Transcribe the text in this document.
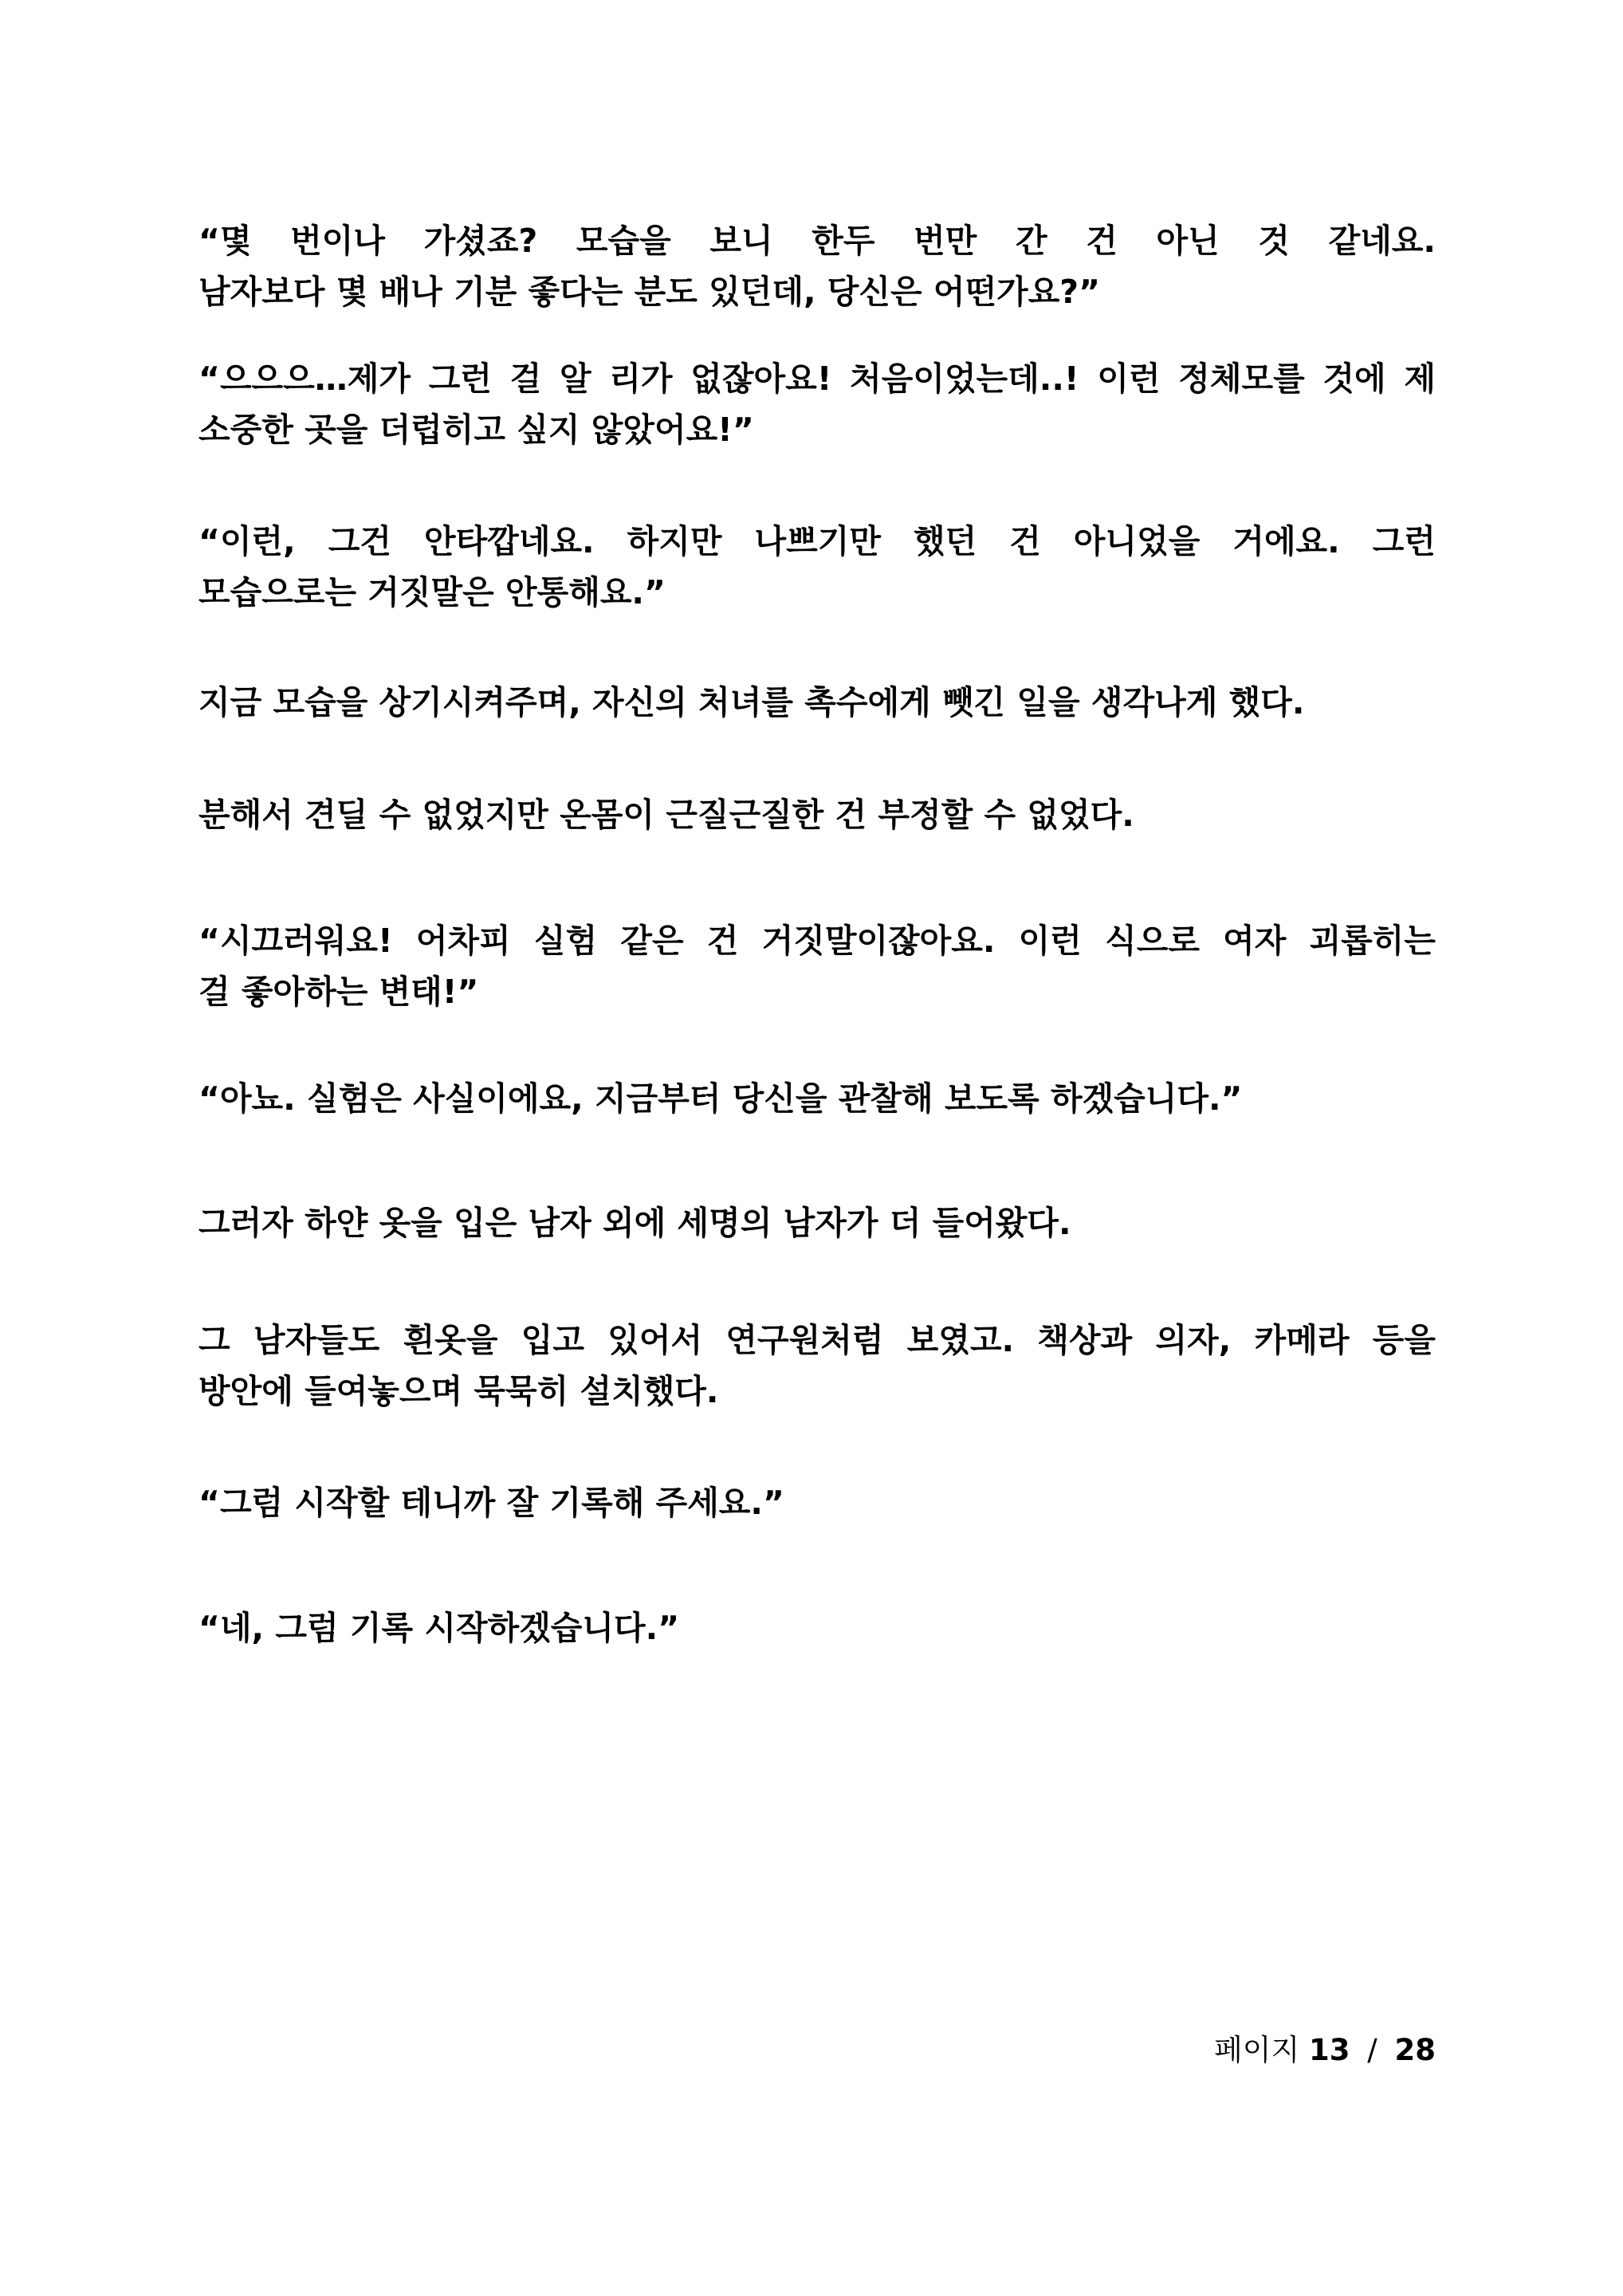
“몇 번이나 가셨죠? 모습을 보니 한두 번만 간 건 아닌 것 같네요.
남자보다 몇 배나 기분 좋다는 분도 있던데, 당신은 어떤가요?”
“으으으…제가 그런 걸 알 리가 없잖아요! 처음이었는데..! 이런 정체모를 것에 제
소중한 곳을 더럽히고 싶지 않았어요!”
“이런, 그건 안타깝네요. 하지만 나쁘기만 했던 건 아니었을 거에요. 그런
모습으로는 거짓말은 안통해요.”
지금 모습을 상기시켜주며, 자신의 처녀를 촉수에게 뺏긴 일을 생각나게 했다.
분해서 견딜 수 없었지만 온몸이 근질근질한 건 부정할 수 없었다.
“시끄러워요! 어차피 실험 같은 건 거짓말이잖아요. 이런 식으로 여자 괴롭히는
걸 좋아하는 변태!”
“아뇨. 실험은 사실이에요, 지금부터 당신을 관찰해 보도록 하겠습니다.”
그러자 하얀 옷을 입은 남자 외에 세명의 남자가 더 들어왔다.
그 남자들도 흰옷을 입고 있어서 연구원처럼 보였고. 책상과 의자, 카메라 등을
방안에 들여놓으며 묵묵히 설치했다.
“그럼 시작할 테니까 잘 기록해 주세요.”
“네, 그럼 기록 시작하겠습니다.”
페이지 13 / 28
